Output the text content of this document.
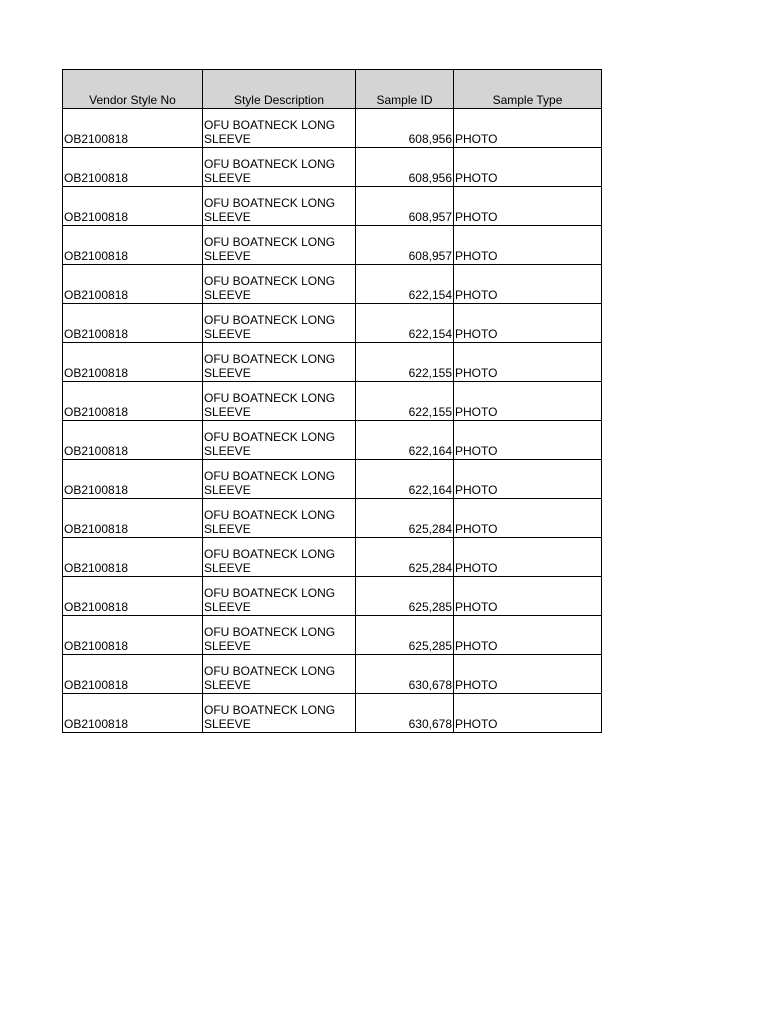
Vendor Style No	Style Description	Sample ID	Sample Type
OB2100818	OFU BOATNECK LONG
SLEEVE	608,956	PHOTO
OB2100818	OFU BOATNECK LONG
SLEEVE	608,956	PHOTO
OB2100818	OFU BOATNECK LONG
SLEEVE	608,957	PHOTO
OB2100818	OFU BOATNECK LONG
SLEEVE	608,957	PHOTO
OB2100818	OFU BOATNECK LONG
SLEEVE	622,154	PHOTO
OB2100818	OFU BOATNECK LONG
SLEEVE	622,154	PHOTO
OB2100818	OFU BOATNECK LONG
SLEEVE	622,155	PHOTO
OB2100818	OFU BOATNECK LONG
SLEEVE	622,155	PHOTO
OB2100818	OFU BOATNECK LONG
SLEEVE	622,164	PHOTO
OB2100818	OFU BOATNECK LONG
SLEEVE	622,164	PHOTO
OB2100818	OFU BOATNECK LONG
SLEEVE	625,284	PHOTO
OB2100818	OFU BOATNECK LONG
SLEEVE	625,284	PHOTO
OB2100818	OFU BOATNECK LONG
SLEEVE	625,285	PHOTO
OB2100818	OFU BOATNECK LONG
SLEEVE	625,285	PHOTO
OB2100818	OFU BOATNECK LONG
SLEEVE	630,678	PHOTO
OB2100818	OFU BOATNECK LONG
SLEEVE	630,678	PHOTO
